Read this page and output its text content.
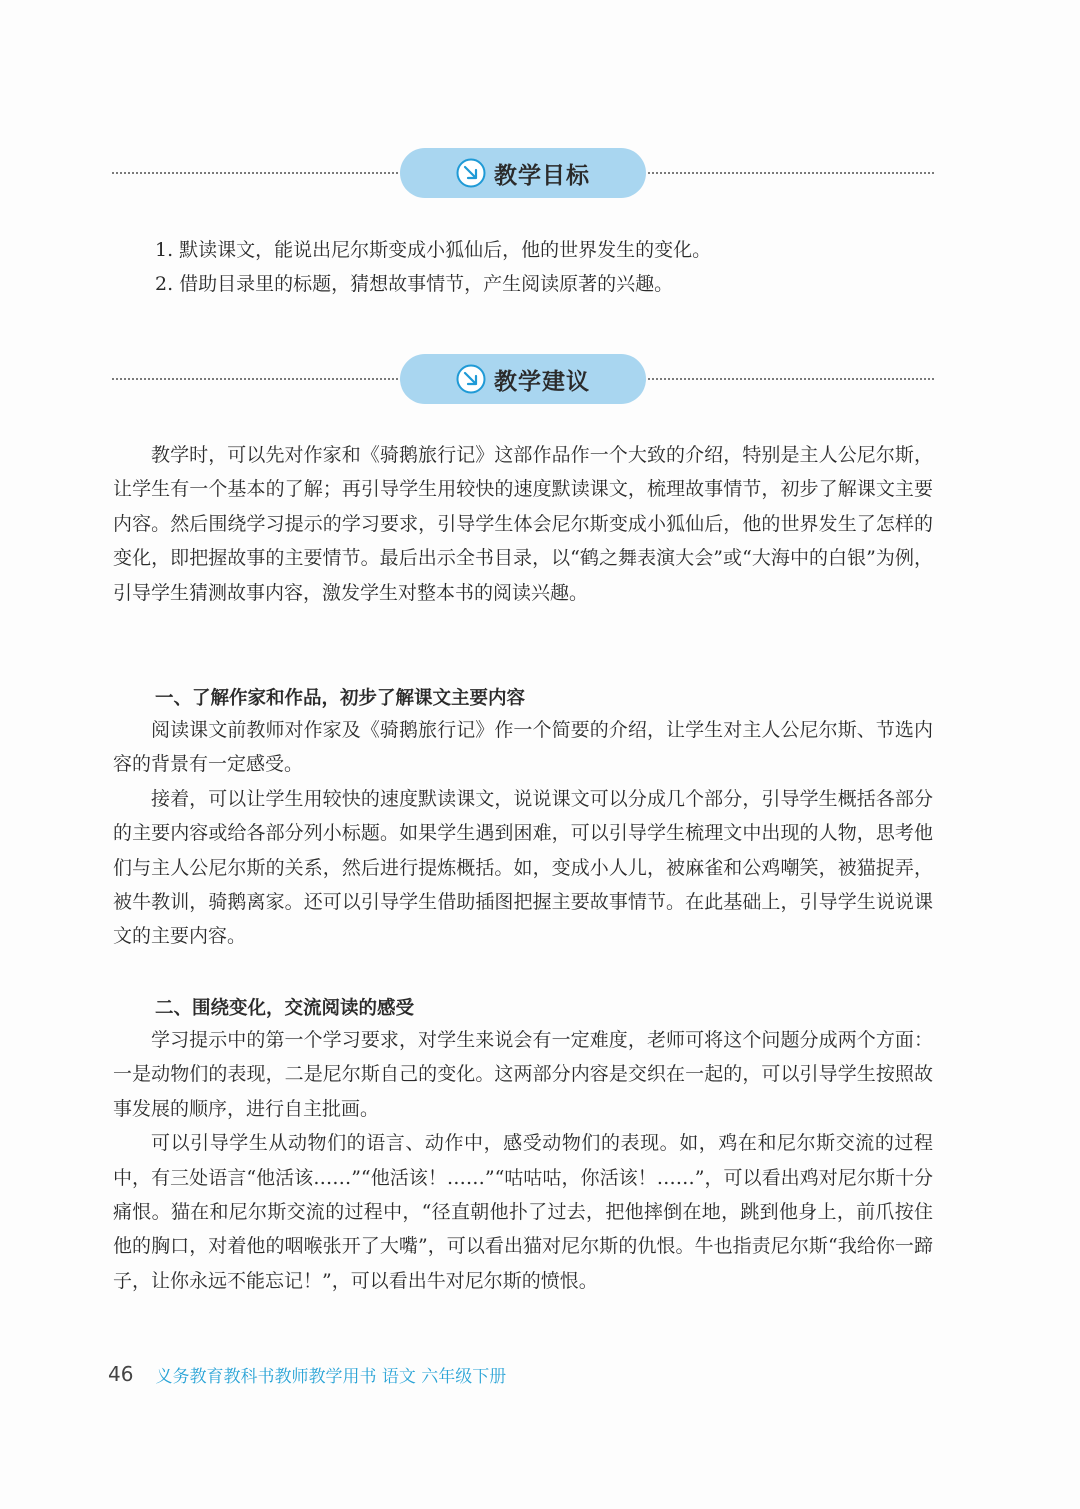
教学目标
1. 默读课文，能说出尼尔斯变成小狐仙后，他的世界发生的变化。
2. 借助目录里的标题，猜想故事情节，产生阅读原著的兴趣。
教学建议

教学时，可以先对作家和《骑鹅旅行记》这部作品作一个大致的介绍，特别是主人公尼尔斯，让学生有一个基本的了解；再引导学生用较快的速度默读课文，梳理故事情节，初步了解课文主要内容。然后围绕学习提示的学习要求，引导学生体会尼尔斯变成小狐仙后，他的世界发生了怎样的变化，即把握故事的主要情节。最后出示全书目录，以“鹤之舞表演大会”或“大海中的白银”为例，引导学生猜测故事内容，激发学生对整本书的阅读兴趣。

一、了解作家和作品，初步了解课文主要内容

阅读课文前教师对作家及《骑鹅旅行记》作一个简要的介绍，让学生对主人公尼尔斯、节选内容的背景有一定感受。

接着，可以让学生用较快的速度默读课文，说说课文可以分成几个部分，引导学生概括各部分的主要内容或给各部分列小标题。如果学生遇到困难，可以引导学生梳理文中出现的人物，思考他们与主人公尼尔斯的关系，然后进行提炼概括。如，变成小人儿，被麻雀和公鸡嘲笑，被猫捉弄，被牛教训，骑鹅离家。还可以引导学生借助插图把握主要故事情节。在此基础上，引导学生说说课文的主要内容。

二、围绕变化，交流阅读的感受

学习提示中的第一个学习要求，对学生来说会有一定难度，老师可将这个问题分成两个方面：一是动物们的表现，二是尼尔斯自己的变化。这两部分内容是交织在一起的，可以引导学生按照故事发展的顺序，进行自主批画。

可以引导学生从动物们的语言、动作中，感受动物们的表现。如，鸡在和尼尔斯交流的过程中，有三处语言“他活该……”“他活该！……”“咕咕咕，你活该！……”，可以看出鸡对尼尔斯十分痛恨。猫在和尼尔斯交流的过程中，“径直朝他扑了过去，把他摔倒在地，跳到他身上，前爪按住他的胸口，对着他的咽喉张开了大嘴”，可以看出猫对尼尔斯的仇恨。牛也指责尼尔斯“我给你一蹄子，让你永远不能忘记！”，可以看出牛对尼尔斯的愤恨。

46 义务教育教科书教师教学用书 语文 六年级下册
